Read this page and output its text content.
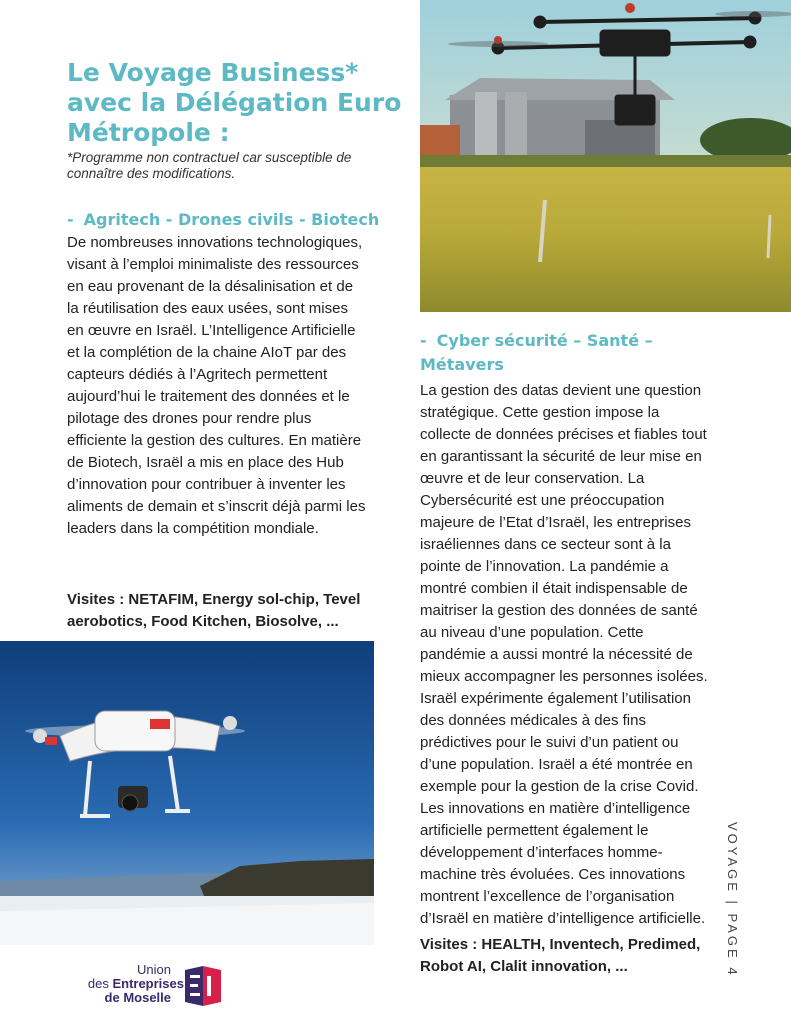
Le Voyage Business* avec la Délégation Euro Métropole :

*Programme non contractuel car susceptible de connaître des modifications.

- Agritech - Drones civils - Biotech

De nombreuses innovations technologiques, visant à l’emploi minimaliste des ressources en eau provenant de la désalinisation et de la réutilisation des eaux usées, sont mises en œuvre en Israël. L’Intelligence Artificielle et la complétion de la chaine AIoT par des capteurs dédiés à l’Agritech permettent aujourd’hui le traitement des données et le pilotage des drones pour rendre plus efficiente la gestion des cultures. En matière de Biotech, Israël a mis en place des Hub d’innovation pour contribuer à inventer les aliments de demain et s’inscrit déjà parmi les leaders dans la compétition mondiale.

Visites : NETAFIM, Energy sol-chip, Tevel aerobotics, Food Kitchen, Biosolve, ...

- Cyber sécurité – Santé – Métavers

La gestion des datas devient une question stratégique. Cette gestion impose la collecte de données précises et fiables tout en garantissant la sécurité de leur mise en œuvre et de leur conservation. La Cybersécurité est une préoccupation majeure de l’Etat d’Israël, les entreprises israéliennes dans ce secteur sont à la pointe de l’innovation. La pandémie a montré combien il était indispensable de maitriser la gestion des données de santé au niveau d’une population. Cette pandémie a aussi montré la nécessité de mieux accompagner les personnes isolées. Israël expérimente également l’utilisation des données médicales à des fins prédictives pour le suivi d’un patient ou d’une population. Israël a été montrée en exemple pour la gestion de la crise Covid. Les innovations en matière d’intelligence artificielle permettent également le développement d’interfaces homme-machine très évoluées. Ces innovations montrent l’excellence de l’organisation d’Israël en matière d’intelligence artificielle.

Visites : HEALTH, Inventech, Predimed, Robot AI, Clalit innovation, ...	VOYAGE | PAGE 4
Union
des Entreprises
de Moselle
